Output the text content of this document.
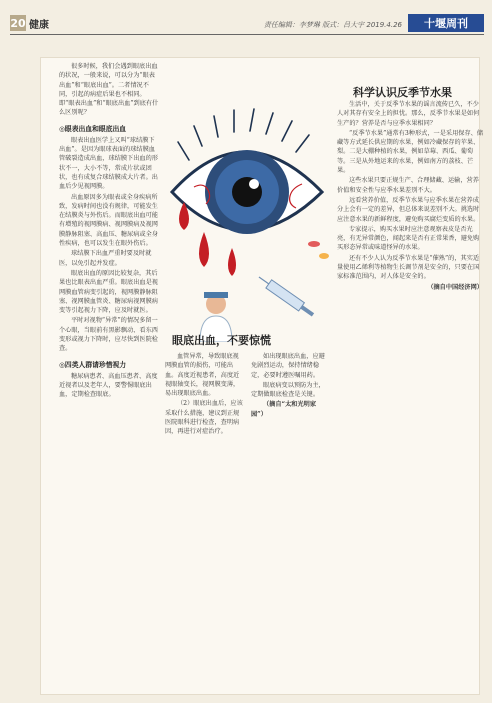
20 健康	责任编辑：李梦琳 版式：吕大宇 2019.4.26	十堰周刊

很多时候，我们会遇到眼底出血的状况，一般来说，可以分为“眼表出血”和“眼底出血”。二者情况不同，引起的病症后果也不相同。即“眼表出血”和“眼底出血”到底有什么区别呢？

◎眼表出血和眼底出血

眼表出血医学上又叫“球结膜下出血”。是因为眼球表面的球结膜血管破裂造成出血，球结膜下出血的形状不一，大小不等，常成片状或团状，也有成复合球结膜成大片者。出血后少见视网膜。

出血原因多为眼表或全身疾病所致，发病时间也没有规律，可能发生在结膜炎与外伤后。而眼底出血可能有增殖的视网膜病、视网膜病及视网膜静脉阻塞、高血压、糖尿病或全身性疾病，也可以发生在眼外伤后。

球结膜下出血严重时要及时就医，以免引起并发症。

眼底出血的原因比较复杂，其后果也比眼表出血严重。眼底出血是视网膜血管病变引起的，视网膜静脉阻塞、视网膜血管炎、糖尿病视网膜病变等引起视力下降，应及时就医。

平时对视物“异常”的情况多留一个心眼，当眼前有黑影飘动、看东西变形或视力下降时，应尽快到医院检查。

◎四类人群请珍惜视力

糖尿病患者、高血压患者、高度近视者以及老年人，要警惕眼底出血，定期检查眼底。

眼底出血，不要惊慌

血管异常，导致眼底视网膜血管的损伤，可能出血。高度近视患者，高度近视眼轴变长，视网膜变薄，易出现眼底出血。

（2）眼底出血后，应该采取什么措施，建议到正规医院眼科进行检查，查明病因，再进行对症治疗。

如出现眼底出血，应避免剧烈运动，保持情绪稳定，必要时遵医嘱用药。

眼底病变以预防为主，定期做眼底检查是关键。

（摘自“太和光明家园”）

科学认识反季节水果

生活中，关于反季节水果的谣言流传已久，不少人对其存有安全上的担忧。那么，反季节水果是如何生产的？营养是否与应季水果相同？

“反季节水果”通常有3种形式，一是采用保存、储藏等方式延长供应期的水果，例如冷藏保存的苹果、梨。二是大棚种植的水果，例如草莓、西瓜、葡萄等。三是从外地运来的水果，例如南方的荔枝、芒果。

这些水果只要正规生产、合理储藏、运输，营养价值和安全性与应季水果差别不大。

远看营养价值，反季节水果与应季水果在营养成分上会有一定的差异，但总体来说差别不大。挑选时应注意水果的新鲜程度，避免购买腐烂变质的水果。

专家提示，购买水果时应注意观察表皮是否光亮，有无异常颜色，闻起来是否有正常果香，避免购买形态异常或味道怪异的水果。

还有不少人认为反季节水果是“催熟”的，其实适量使用乙烯利等植物生长调节剂是安全的，只要在国家标准范围内，对人体是安全的。

（摘自中国经济网）
